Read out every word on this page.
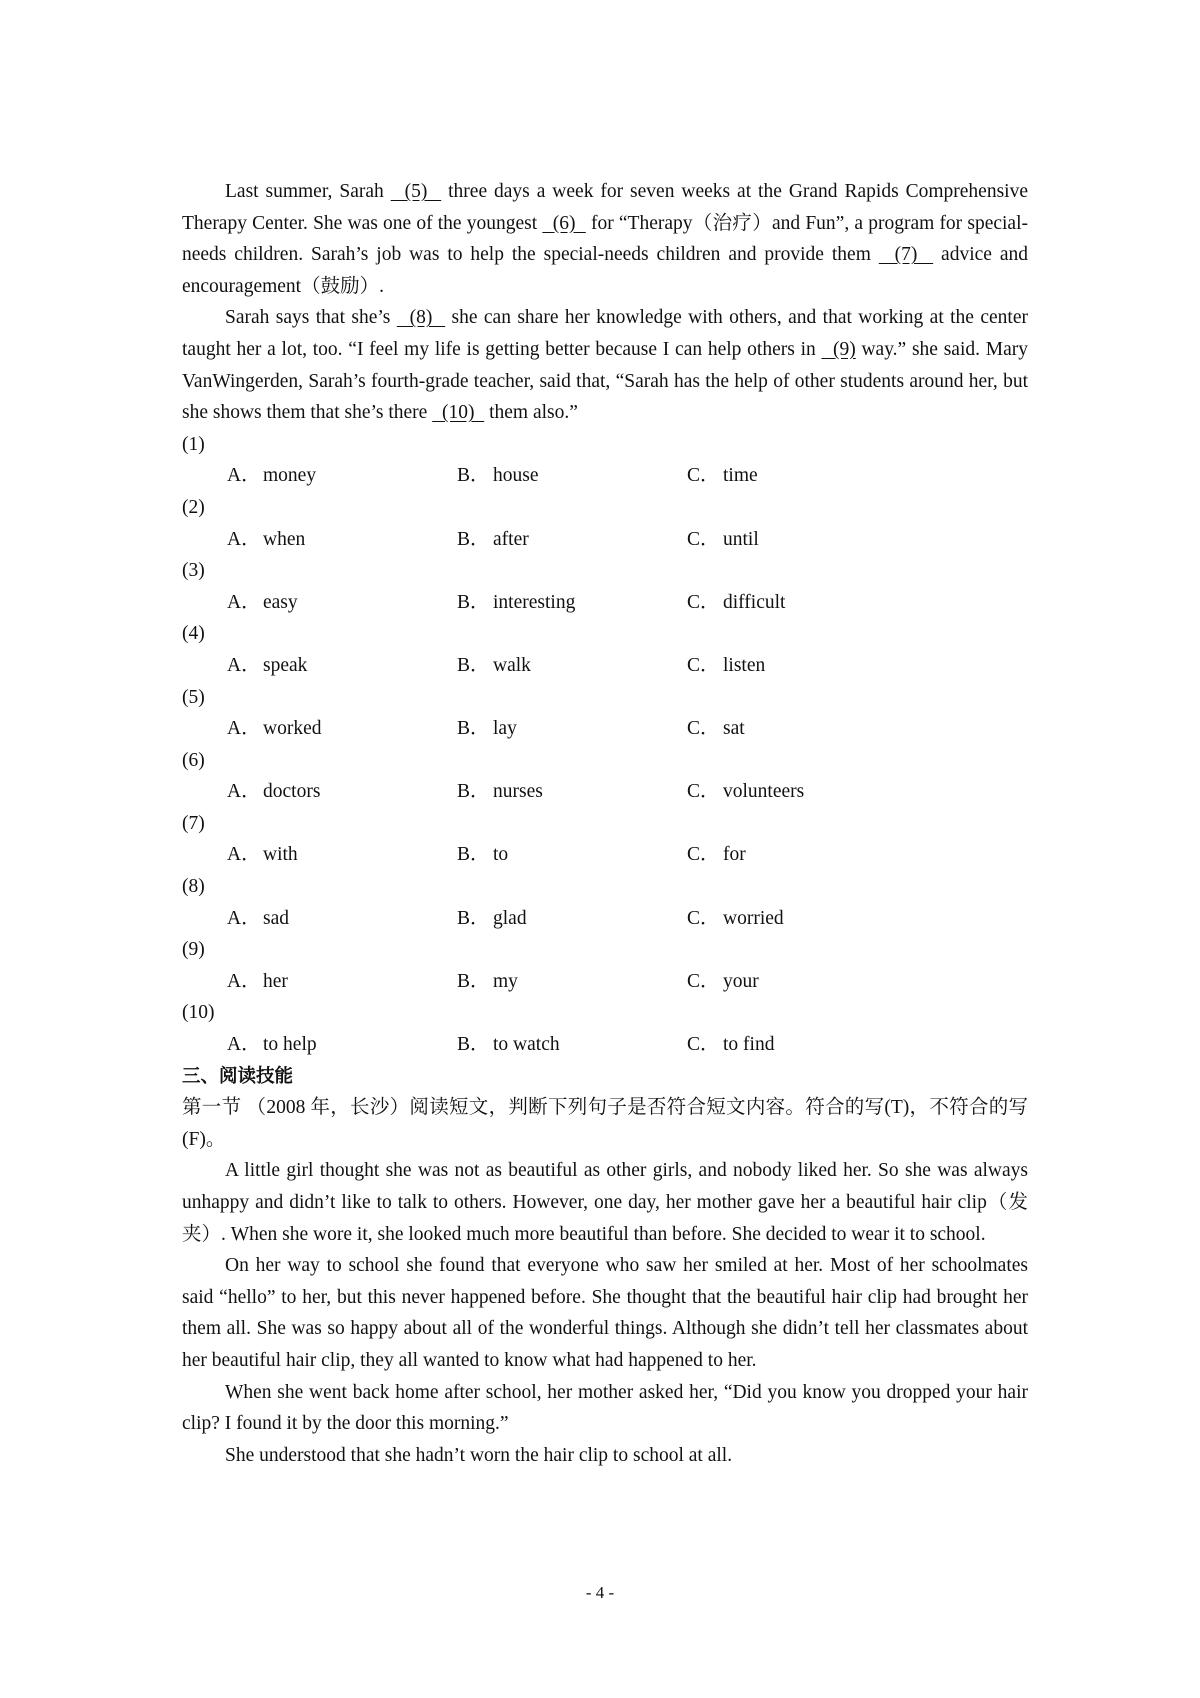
Last summer, Sarah   (5)   three days a week for seven weeks at the Grand Rapids Comprehensive Therapy Center. She was one of the youngest   (6)   for “Therapy（治疗）and Fun”, a program for special-needs children. Sarah’s job was to help the special-needs children and provide them   (7)   advice and encouragement（鼓励）.

Sarah says that she’s   (8)   she can share her knowledge with others, and that working at the center taught her a lot, too. “I feel my life is getting better because I can help others in   (9) way.” she said. Mary VanWingerden, Sarah’s fourth-grade teacher, said that, “Sarah has the help of other students around her, but she shows them that she’s there   (10)   them also.”

(1)
A． money	B． house	C． time
(2)
A． when	B． after	C． until
(3)
A． easy	B． interesting	C． difficult
(4)
A． speak	B． walk	C． listen
(5)
A． worked	B． lay	C． sat
(6)
A． doctors	B． nurses	C． volunteers
(7)
A． with	B． to	C． for
(8)
A． sad	B． glad	C． worried
(9)
A． her	B． my	C． your
(10)
A． to help	B． to watch	C． to find

三、阅读技能

第一节 （2008 年，长沙）阅读短文，判断下列句子是否符合短文内容。符合的写(T)，不符合的写(F)。

A little girl thought she was not as beautiful as other girls, and nobody liked her. So she was always unhappy and didn’t like to talk to others. However, one day, her mother gave her a beautiful hair clip（发夹）. When she wore it, she looked much more beautiful than before. She decided to wear it to school.

On her way to school she found that everyone who saw her smiled at her. Most of her schoolmates said “hello” to her, but this never happened before. She thought that the beautiful hair clip had brought her them all. She was so happy about all of the wonderful things. Although she didn’t tell her classmates about her beautiful hair clip, they all wanted to know what had happened to her.

When she went back home after school, her mother asked her, “Did you know you dropped your hair clip? I found it by the door this morning.”

She understood that she hadn’t worn the hair clip to school at all.

- 4 -
